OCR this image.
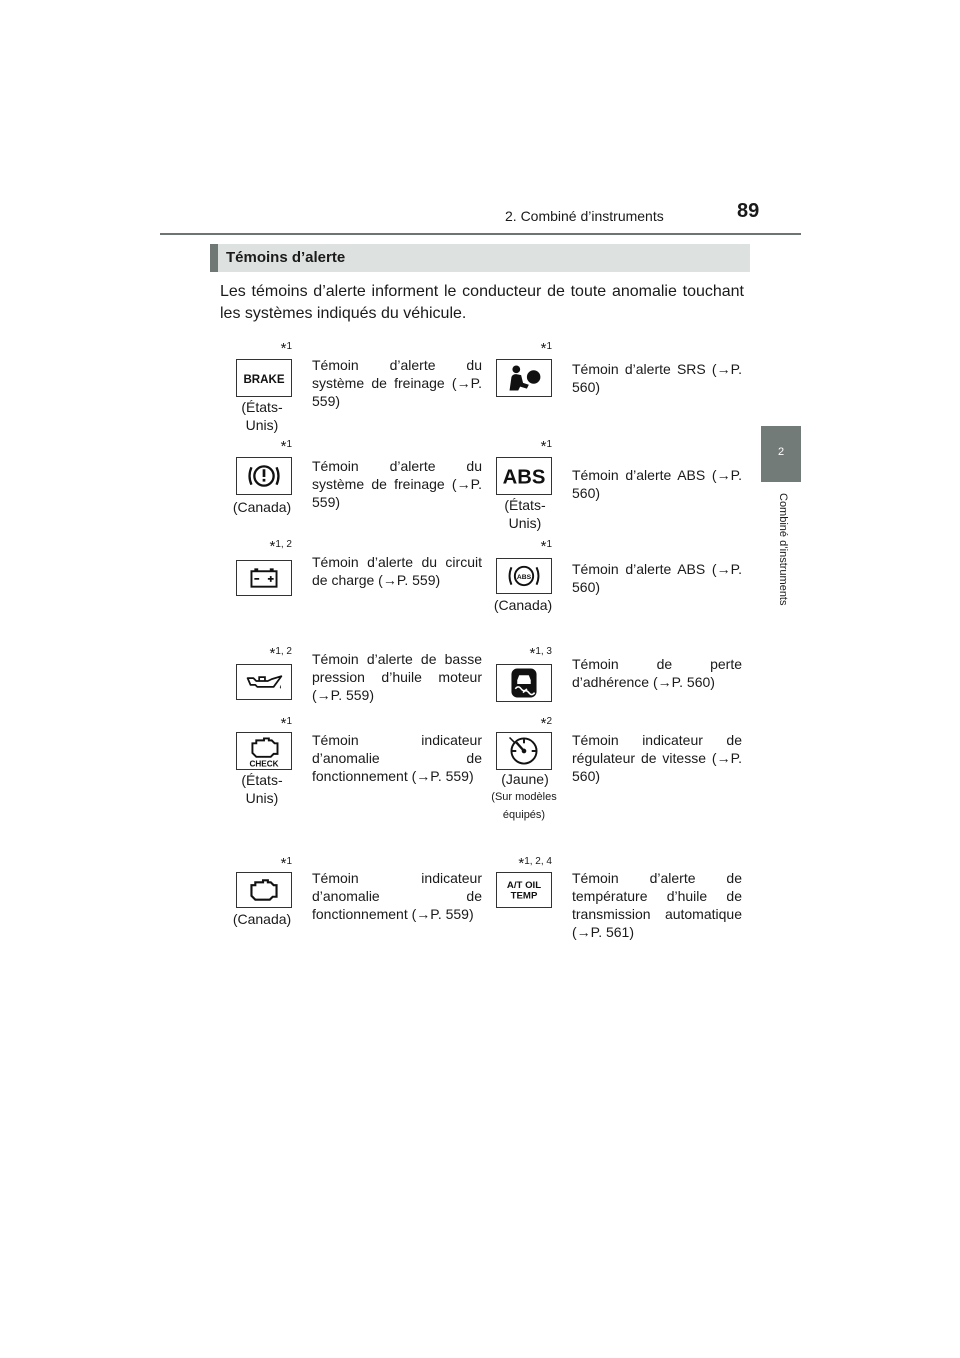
2. Combiné d’instruments	89
2
Combiné d’instruments
Témoins d’alerte
Les témoins d’alerte informent le conducteur de toute anomalie touchant les systèmes indiqués du véhicule.
*$^1$
BRAKE
(États-Unis)
Témoin d’alerte du système de freinage (→P. 559)
*$^1$
Témoin d’alerte SRS (→P. 560)
*$^1$
(Canada)
Témoin d’alerte du système de freinage (→P. 559)
*$^1$
ABS
(États-Unis)
Témoin d’alerte ABS (→P. 560)
*$^{1, 2}$
Témoin d’alerte du circuit de charge (→P. 559)
*$^1$
ABS
(Canada)
Témoin d’alerte ABS (→P. 560)
*$^{1, 2}$ Témoin d’alerte de basse pression d’huile moteur (→P. 559)
*$^{1, 3}$
Témoin de perte d’adhérence (→P. 560)
*$^1$
CHECK
(États-Unis)
Témoin indicateur d’anomalie de fonctionnement (→P. 559)
*$^2$
(Jaune)
(Sur modèles équipés)
Témoin indicateur de régulateur de vitesse (→P. 560)
*$^1$
(Canada)
Témoin indicateur d’anomalie de fonctionnement (→P. 559)
*$^{1, 2, 4}$
A/T OIL
TEMP
Témoin d’alerte de température d’huile de transmission automatique (→P. 561)
